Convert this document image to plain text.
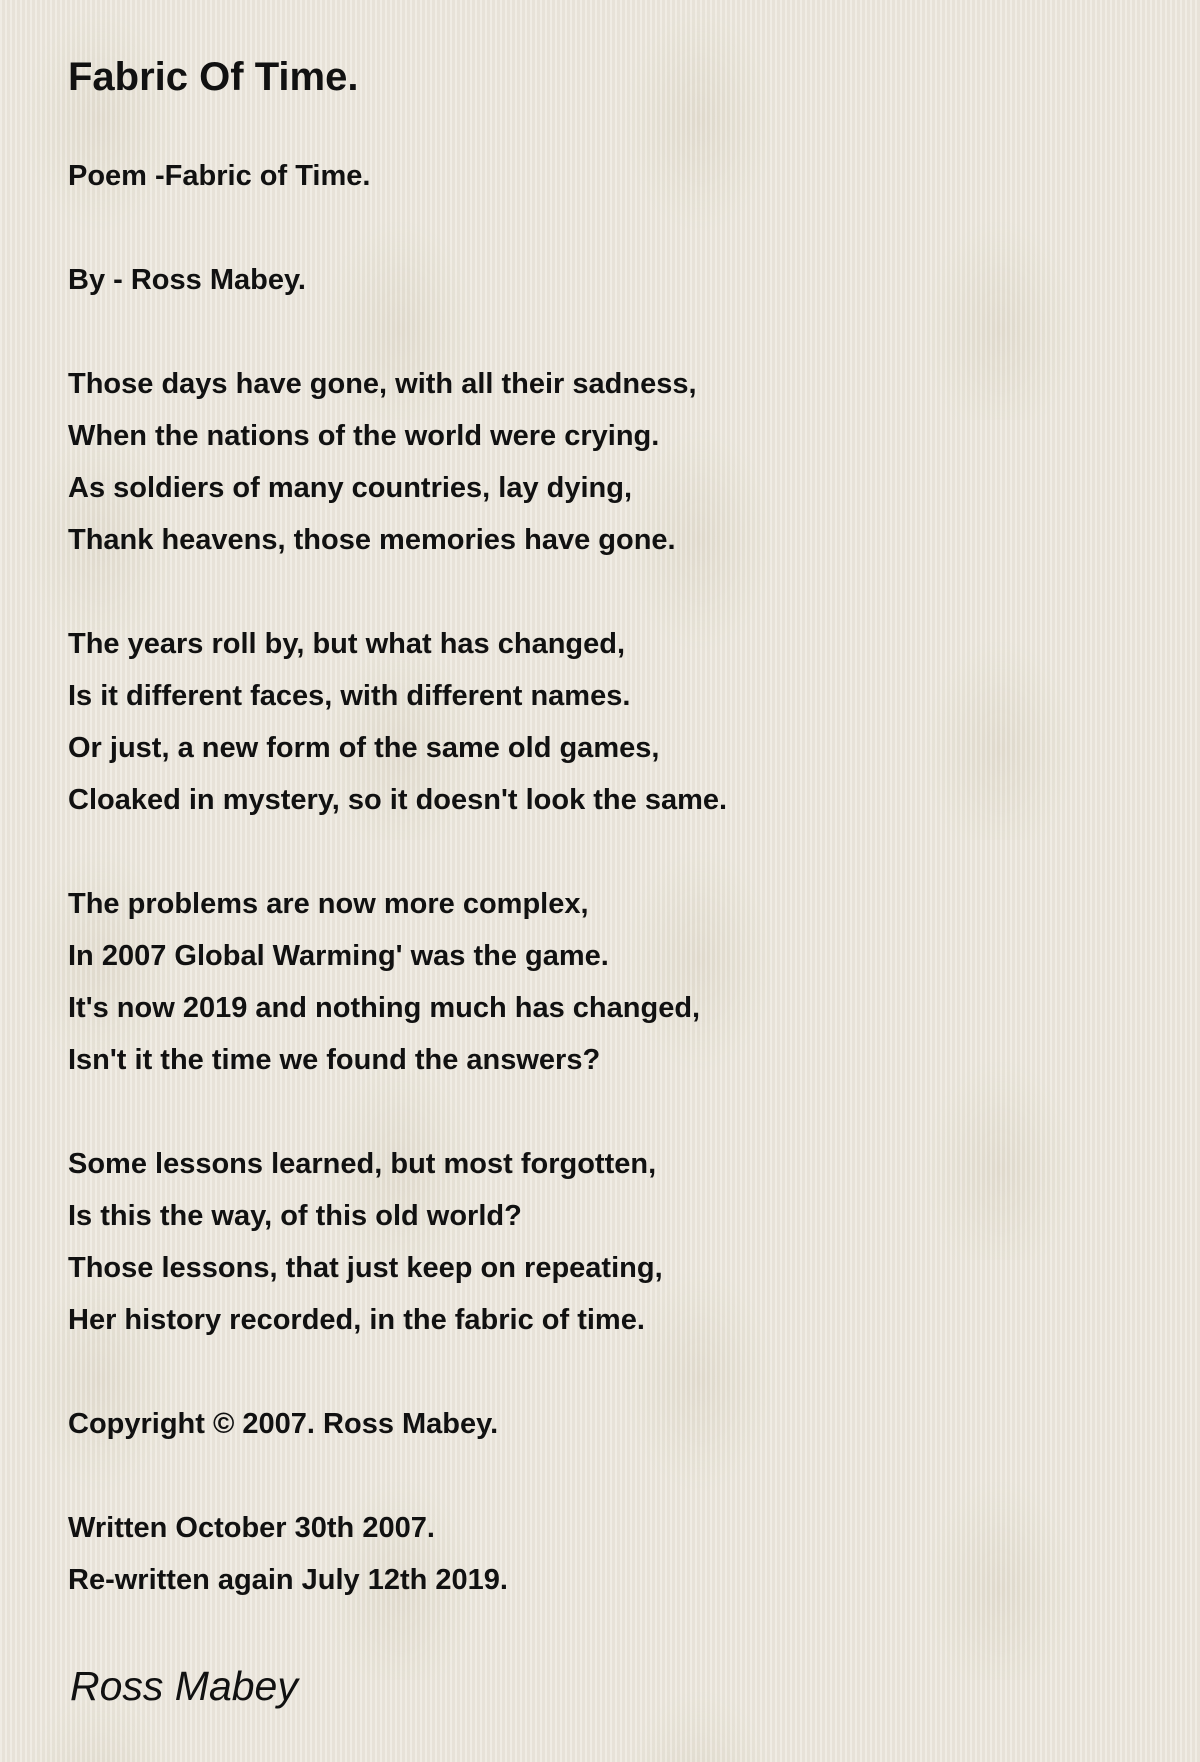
Fabric Of Time.

Poem -Fabric of Time.

By - Ross Mabey.

Those days have gone, with all their sadness,
When the nations of the world were crying.
As soldiers of many countries, lay dying,
Thank heavens, those memories have gone.

The years roll by, but what has changed,
Is it different faces, with different names.
Or just, a new form of the same old games,
Cloaked in mystery, so it doesn't look the same.

The problems are now more complex,
In 2007 Global Warming' was the game.
It's now 2019 and nothing much has changed,
Isn't it the time we found the answers?

Some lessons learned, but most forgotten,
Is this the way, of this old world?
Those lessons, that just keep on repeating,
Her history recorded, in the fabric of time.

Copyright © 2007. Ross Mabey.

Written October 30th 2007.
Re-written again July 12th 2019.

Ross Mabey
